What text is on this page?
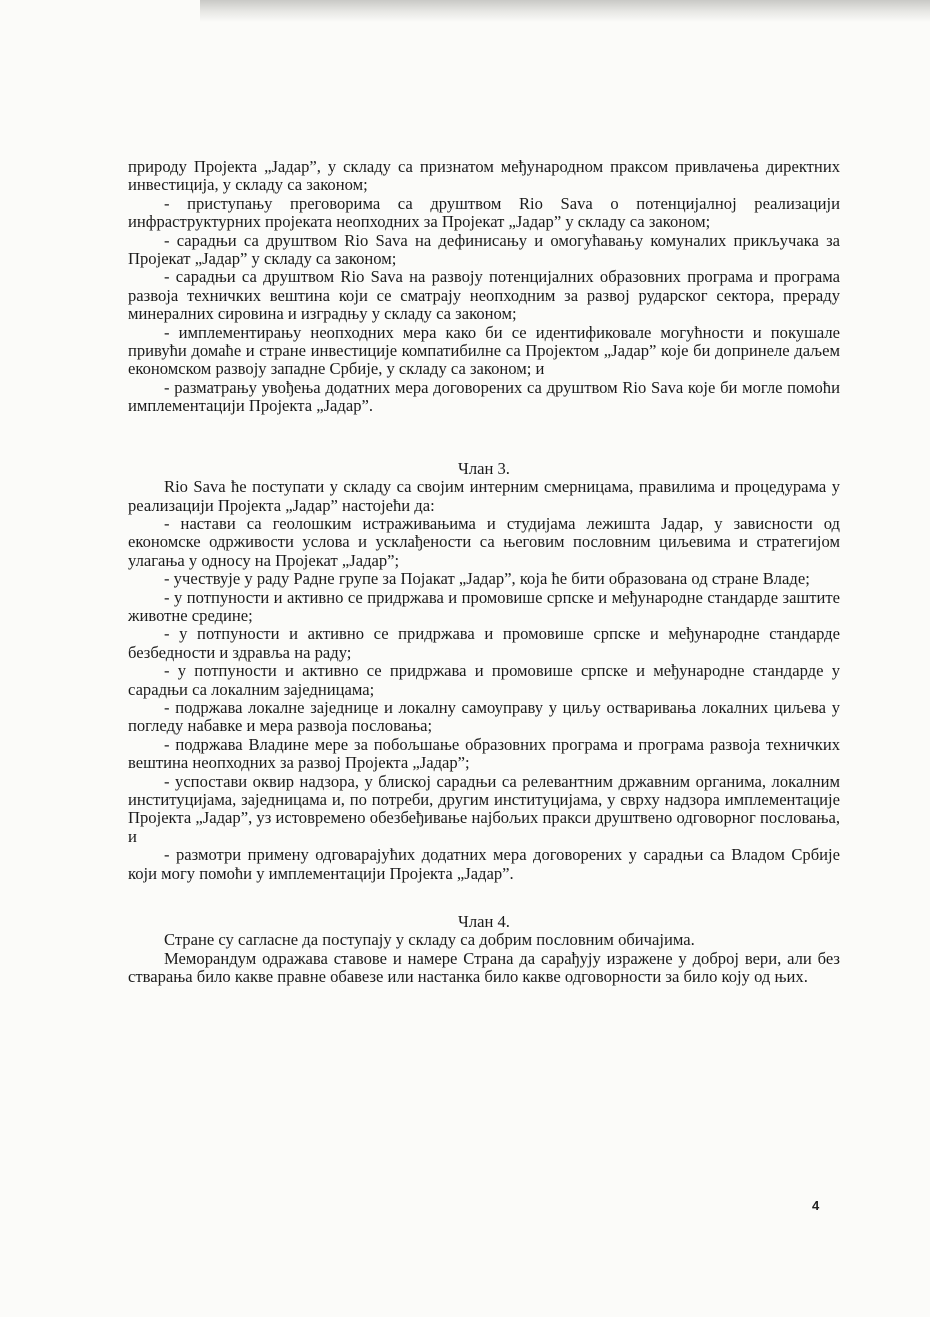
природу Пројекта „Јадар”, у складу са признатом међународном праксом привлачења директних инвестиција, у складу са законом;

- приступању преговорима са друштвом Rio Sava о потенцијалној реализацији инфраструктурних пројеката неопходних за Пројекат „Јадар” у складу са законом;

- сарадњи са друштвом Rio Sava на дефинисању и омогућавању комуналих прикључака за Пројекат „Јадар” у складу са законом;

- сарадњи са друштвом Rio Sava на развоју потенцијалних образовних програма и програма развоја техничких вештина који се сматрају неопходним за развој рударског сектора, прераду минералних сировина и изградњу у складу са законом;

- имплементирању неопходних мера како би се идентификовале могућности и покушале привући домаће и стране инвестиције компатибилне са Пројектом „Јадар” које би допринеле даљем економском развоју западне Србије, у складу са законом; и

- разматрању увођења додатних мера договорених са друштвом Rio Sava које би могле помоћи имплементацији Пројекта „Јадар”.

Члан 3.

Rio Sava ће поступати у складу са својим интерним смерницама, правилима и процедурама у реализацији Пројекта „Јадар” настојећи да:

- настави са геолошким истраживањима и студијама лежишта Јадар, у зависности од економске одрживости услова и усклађености са његовим пословним циљевима и стратегијом улагања у односу на Пројекат „Јадар”;

- учествује у раду Радне групе за Појакат „Јадар”, која ће бити образована од стране Владе;

- у потпуности и активно се придржава и промовише српске и међународне стандарде заштите животне средине;

- у потпуности и активно се придржава и промовише српске и међународне стандарде безбедности и здравља на раду;

- у потпуности и активно се придржава и промовише српске и међународне стандарде у сарадњи са локалним заједницама;

- подржава локалне заједнице и локалну самоуправу у циљу остваривања локалних циљева у погледу набавке и мера развоја пословања;

- подржава Владине мере за побољшање образовних програма и програма развоја техничких вештина неопходних за развој Пројекта „Јадар”;

- успостави оквир надзора, у блиској сарадњи са релевантним државним органима, локалним институцијама, заједницама и, по потреби, другим институцијама, у сврху надзора имплементације Пројекта „Јадар”, уз истовремено обезбеђивање најбољих пракси друштвено одговорног пословања, и

- размотри примену одговарајућих додатних мера договорених у сарадњи са Владом Србије који могу помоћи у имплементацији Пројекта „Јадар”.

Члан 4.

Стране су сагласне да поступају у складу са добрим пословним обичајима.

Меморандум одражава ставове и намере Страна да сарађују изражене у доброј вери, али без стварања било какве правне обавезе или настанка било какве одговорности за било коју од њих.

4
